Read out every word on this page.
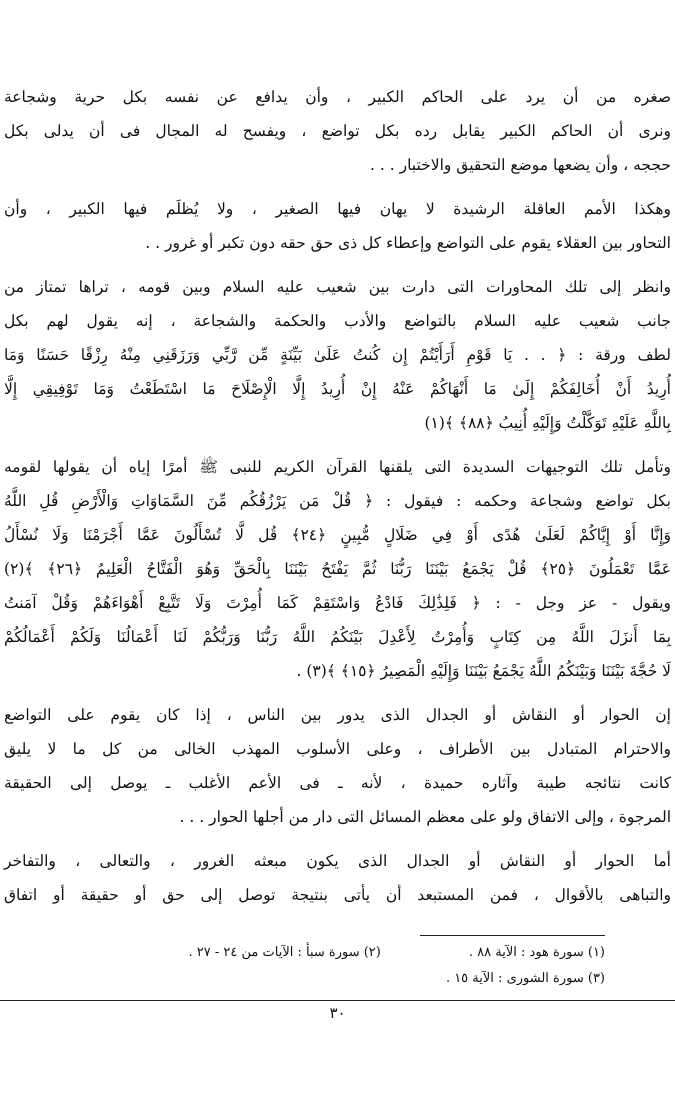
صغره من أن يرد على الحاكم الكبير ، وأن يدافع عن نفسه بكل حرية وشجاعة
ونرى أن الحاكم الكبير يقابل رده بكل تواضع ، ويفسح له المجال فى أن يدلى بكل
حججه ، وأن يضعها موضع التحقيق والاختبار . . .
وهكذا الأمم العاقلة الرشيدة لا يهان فيها الصغير ، ولا يُظلَم فيها الكبير ، وأن
التحاور بين العقلاء يقوم على التواضع وإعطاء كل ذى حق حقه دون تكبر أو غرور . .
وانظر إلى تلك المحاورات التى دارت بين شعيب عليه السلام وبين قومه ، تراها تمتاز من
جانب شعيب عليه السلام بالتواضع والأدب والحكمة والشجاعة ، إنه يقول لهم بكل
لطف ورقة : ﴿ . . يَا قَوْمِ أَرَأَيْتُمْ إِن كُنتُ عَلَىٰ بَيِّنَةٍ مِّن رَّبِّي وَرَزَقَنِي مِنْهُ رِزْقًا حَسَنًا وَمَا
أُرِيدُ أَنْ أُخَالِفَكُمْ إِلَىٰ مَا أَنْهَاكُمْ عَنْهُ إِنْ أُرِيدُ إِلَّا الْإِصْلَاحَ مَا اسْتَطَعْتُ وَمَا تَوْفِيقِي إِلَّا
بِاللَّهِ عَلَيْهِ تَوَكَّلْتُ وَإِلَيْهِ أُنِيبُ ﴿٨٨﴾ ﴾(١)
وتأمل تلك التوجيهات السديدة التى يلقنها القرآن الكريم للنبى ﷺ أمرًا إياه أن يقولها لقومه
بكل تواضع وشجاعة وحكمه : فيقول : ﴿ قُلْ مَن يَرْزُقُكُم مِّنَ السَّمَاوَاتِ وَالْأَرْضِ قُلِ اللَّهُ
وَإِنَّا أَوْ إِيَّاكُمْ لَعَلَىٰ هُدًى أَوْ فِي ضَلَالٍ مُّبِينٍ ﴿٢٤﴾ قُل لَّا تُسْأَلُونَ عَمَّا أَجْرَمْنَا وَلَا نُسْأَلُ
عَمَّا تَعْمَلُونَ ﴿٢٥﴾ قُلْ يَجْمَعُ بَيْنَنَا رَبُّنَا ثُمَّ يَفْتَحُ بَيْنَنَا بِالْحَقِّ وَهُوَ الْفَتَّاحُ الْعَلِيمُ ﴿٢٦﴾ ﴾(٢)
ويقول - عز وجل - : ﴿ فَلِذَٰلِكَ فَادْعُ وَاسْتَقِمْ كَمَا أُمِرْتَ وَلَا تَتَّبِعْ أَهْوَاءَهُمْ وَقُلْ آمَنتُ
بِمَا أَنزَلَ اللَّهُ مِن كِتَابٍ وَأُمِرْتُ لِأَعْدِلَ بَيْنَكُمُ اللَّهُ رَبُّنَا وَرَبُّكُمْ لَنَا أَعْمَالُنَا وَلَكُمْ أَعْمَالُكُمْ
لَا حُجَّةَ بَيْنَنَا وَبَيْنَكُمُ اللَّهُ يَجْمَعُ بَيْنَنَا وَإِلَيْهِ الْمَصِيرُ ﴿١٥﴾ ﴾(٣) .
إن الحوار أو النقاش أو الجدال الذى يدور بين الناس ، إذا كان يقوم على التواضع
والاحترام المتبادل بين الأطراف ، وعلى الأسلوب المهذب الخالى من كل ما لا يليق
كانت نتائجه طيبة وآثاره حميدة ، لأنه ـ فى الأعم الأغلب ـ يوصل إلى الحقيقة
المرجوة ، وإلى الاتفاق ولو على معظم المسائل التى دار من أجلها الحوار . . .
أما الحوار أو النقاش أو الجدال الذى يكون مبعثه الغرور ، والتعالى ، والتفاخر
والتباهى بالأقوال ، فمن المستبعد أن يأتى بنتيجة توصل إلى حق أو حقيقة أو اتفاق
(١) سورة هود : الآية ٨٨ . (٢) سورة سبأ : الآيات من ٢٤ - ٢٧ .
(٣) سورة الشورى : الآية ١٥ .
٣٠
